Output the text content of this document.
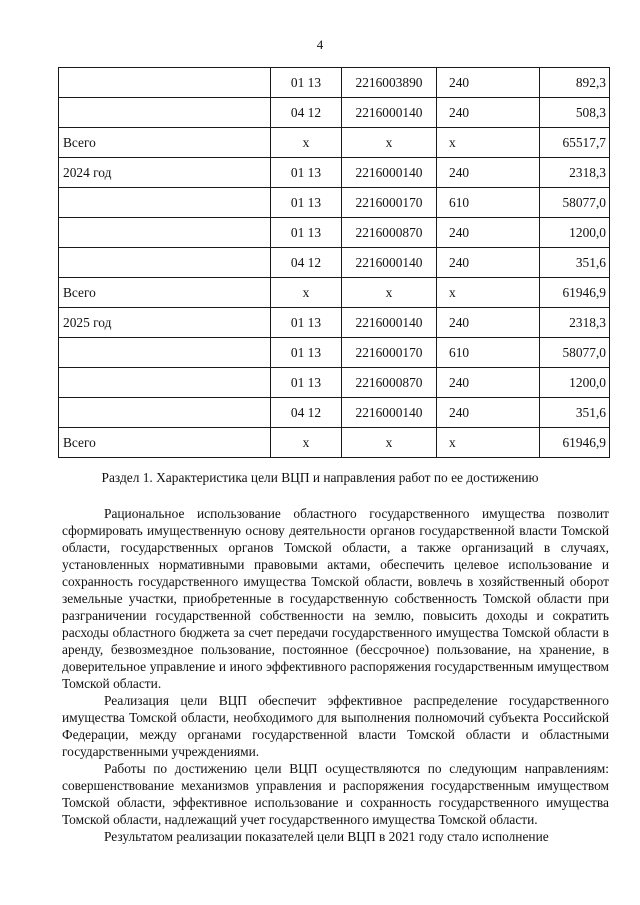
4
	01 13	2216003890	240	892,3
	04 12	2216000140	240	508,3
Всего	х	х	х	65517,7
2024 год	01 13	2216000140	240	2318,3
	01 13	2216000170	610	58077,0
	01 13	2216000870	240	1200,0
	04 12	2216000140	240	351,6
Всего	х	х	х	61946,9
2025 год	01 13	2216000140	240	2318,3
	01 13	2216000170	610	58077,0
	01 13	2216000870	240	1200,0
	04 12	2216000140	240	351,6
Всего	х	х	х	61946,9
Раздел 1. Характеристика цели ВЦП и направления работ по ее достижению

Рациональное использование областного государственного имущества позволит сформировать имущественную основу деятельности органов государственной власти Томской области, государственных органов Томской области, а также организаций в случаях, установленных нормативными правовыми актами, обеспечить целевое использование и сохранность государственного имущества Томской области, вовлечь в хозяйственный оборот земельные участки, приобретенные в государственную собственность Томской области при разграничении государственной собственности на землю, повысить доходы и сократить расходы областного бюджета за счет передачи государственного имущества Томской области в аренду, безвозмездное пользование, постоянное (бессрочное) пользование, на хранение, в доверительное управление и иного эффективного распоряжения государственным имуществом Томской области.

Реализация цели ВЦП обеспечит эффективное распределение государственного имущества Томской области, необходимого для выполнения полномочий субъекта Российской Федерации, между органами государственной власти Томской области и областными государственными учреждениями.

Работы по достижению цели ВЦП осуществляются по следующим направлениям: совершенствование механизмов управления и распоряжения государственным имуществом Томской области, эффективное использование и сохранность государственного имущества Томской области, надлежащий учет государственного имущества Томской области.

Результатом реализации показателей цели ВЦП в 2021 году стало исполнение
